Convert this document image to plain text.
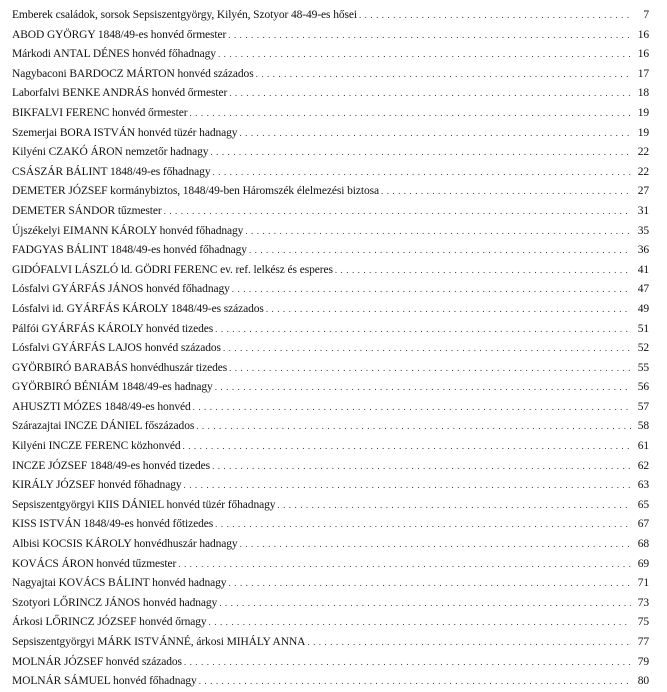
Emberek családok, sorsok Sepsiszentgyörgy, Kilyén, Szotyor 48-49-es hősei . . .	7
ABOD GYÖRGY 1848/49-es honvéd őrmester . . .	16
Márkodi ANTAL DÉNES honvéd főhadnagy . . .	16
Nagybaconi BARDOCZ MÁRTON honvéd százados . . .	17
Laborfalvi BENKE ANDRÁS honvéd őrmester . . .	18
BIKFALVI FERENC honvéd őrmester . . .	19
Szemerjai BORA ISTVÁN honvéd tüzér hadnagy . . .	19
Kilyéni CZAKÓ ÁRON nemzetőr hadnagy . . .	22
CSÁSZÁR BÁLINT 1848/49-es főhadnagy . . .	22
DEMETER JÓZSEF kormánybiztos, 1848/49-ben Háromszék élelmezési biztosa . . .	27
DEMETER SÁNDOR tűzmester . . .	31
Újszékelyi EIMANN KÁROLY honvéd főhadnagy . . .	35
FADGYAS BÁLINT 1848/49-es honvéd főhadnagy . . .	36
GIDÓFALVI LÁSZLÓ ld. GÖDRI FERENC ev. ref. lelkész és esperes . . .	41
Lósfalvi GYÁRFÁS JÁNOS honvéd főhadnagy . . .	47
Lósfalvi id. GYÁRFÁS KÁROLY 1848/49-es százados . . .	49
Pálfói GYÁRFÁS KÁROLY honvéd tizedes . . .	51
Lósfalvi GYÁRFÁS LAJOS honvéd százados . . .	52
GYÖRBIRÓ BARABÁS honvédhuszár tizedes . . .	55
GYÖRBIRÓ BÉNIÁM 1848/49-es hadnagy . . .	56
AHUSZTI MÓZES 1848/49-es honvéd . . .	57
Szárazajtai INCZE DÁNIEL főszázados . . .	58
Kilyéni INCZE FERENC közhonvéd . . .	61
INCZE JÓZSEF 1848/49-es honvéd tizedes . . .	62
KIRÁLY JÓZSEF honvéd főhadnagy . . .	63
Sepsiszentgyörgyi KIIS DÁNIEL honvéd tüzér főhadnagy . . .	65
KISS ISTVÁN 1848/49-es honvéd főtizedes . . .	67
Albisi KOCSIS KÁROLY honvédhuszár hadnagy . . .	68
KOVÁCS ÁRON honvéd tűzmester . . .	69
Nagyajtai KOVÁCS BÁLINT honvéd hadnagy . . .	71
Szotyori LŐRINCZ JÁNOS honvéd hadnagy . . .	73
Árkosi LŐRINCZ JÓZSEF honvéd őrnagy . . .	75
Sepsiszentgyörgyi MÁRK ISTVÁNNÉ, árkosi MIHÁLY ANNA . . .	77
MOLNÁR JÓZSEF honvéd százados . . .	79
MOLNÁR SÁMUEL honvéd főhadnagy . . .	80
